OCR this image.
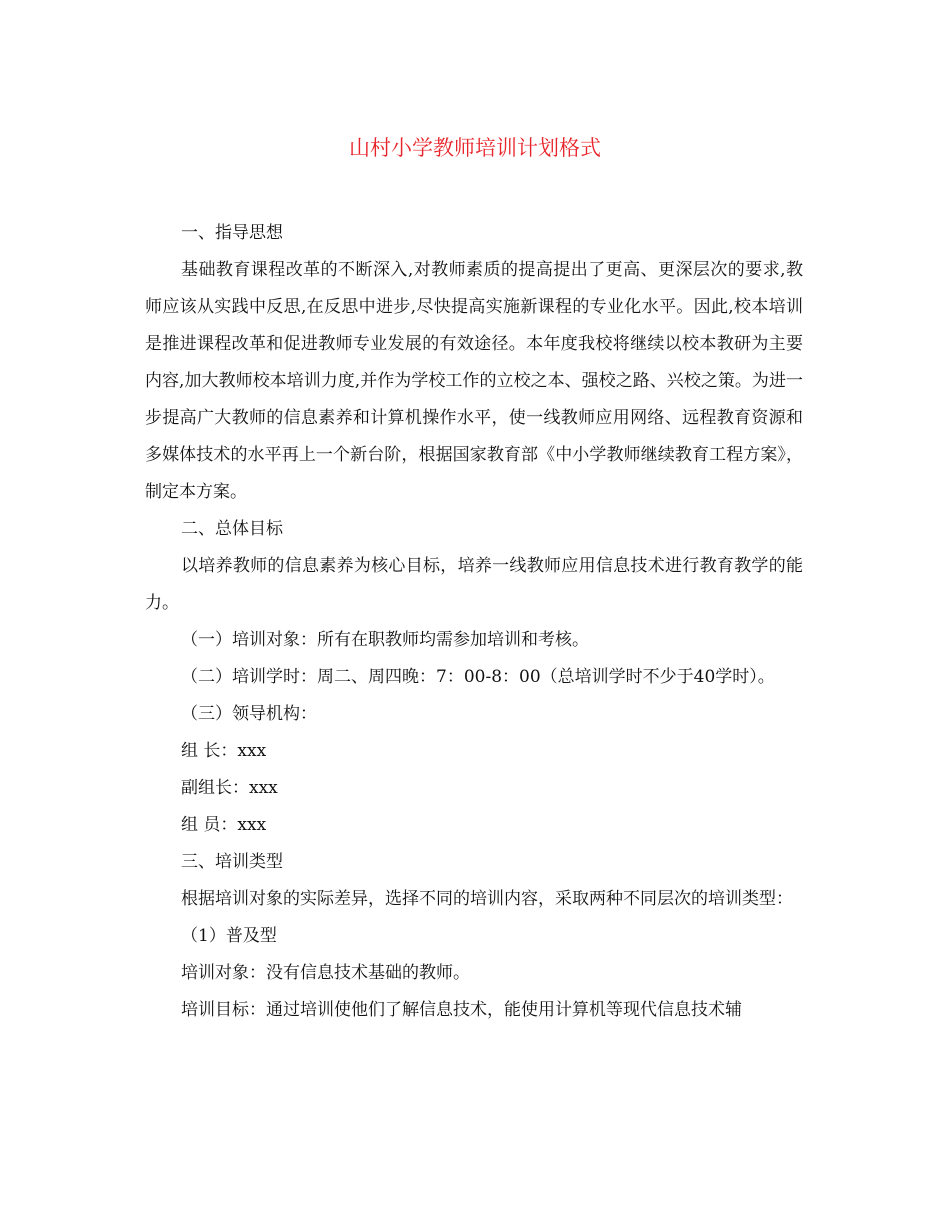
山村小学教师培训计划格式

一、指导思想

基础教育课程改革的不断深入,对教师素质的提高提出了更高、更深层次的要求,教师应该从实践中反思,在反思中进步,尽快提高实施新课程的专业化水平。因此,校本培训是推进课程改革和促进教师专业发展的有效途径。本年度我校将继续以校本教研为主要内容,加大教师校本培训力度,并作为学校工作的立校之本、强校之路、兴校之策。为进一步提高广大教师的信息素养和计算机操作水平，使一线教师应用网络、远程教育资源和多媒体技术的水平再上一个新台阶，根据国家教育部《中小学教师继续教育工程方案》，制定本方案。

二、总体目标

以培养教师的信息素养为核心目标，培养一线教师应用信息技术进行教育教学的能力。

（一）培训对象：所有在职教师均需参加培训和考核。

（二）培训学时：周二、周四晚：7：00-8：00（总培训学时不少于40学时）。

（三）领导机构：

组 长：xxx

副组长：xxx

组 员：xxx

三、培训类型

根据培训对象的实际差异，选择不同的培训内容，采取两种不同层次的培训类型：

（1）普及型

培训对象：没有信息技术基础的教师。

培训目标：通过培训使他们了解信息技术，能使用计算机等现代信息技术辅
